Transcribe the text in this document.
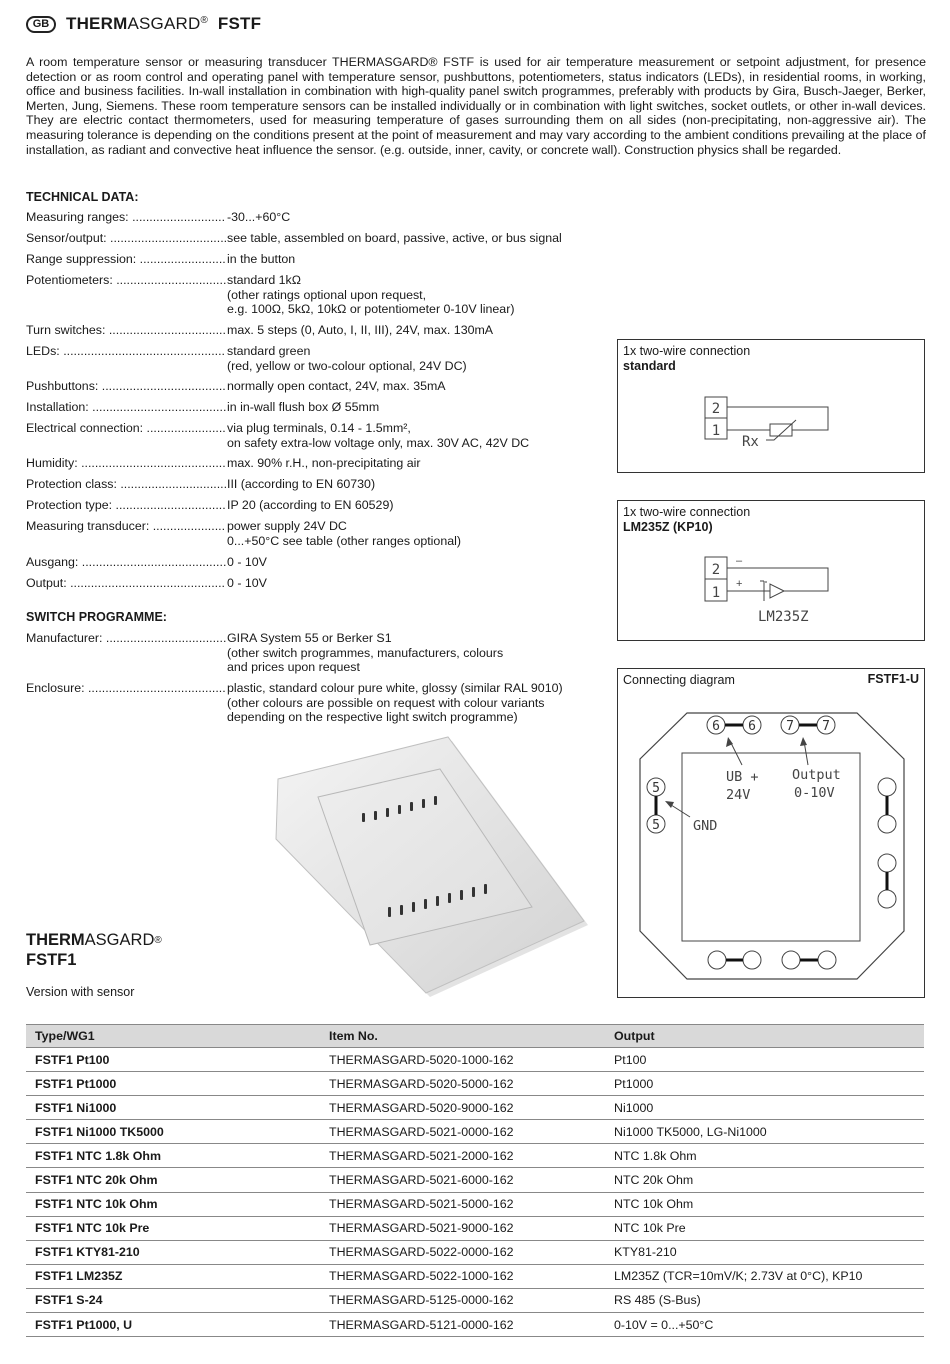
GB THERMASGARD® FSTF
A room temperature sensor or measuring transducer THERMASGARD® FSTF is used for air temperature measurement or setpoint adjustment, for presence detection or as room control and operating panel with temperature sensor, pushbuttons, potentiometers, status indicators (LEDs), in residential rooms, in working, office and business facilities. In-wall installation in combination with high-quality panel switch programmes, preferably with products by Gira, Busch-Jaeger, Berker, Merten, Jung, Siemens. These room temperature sensors can be installed individually or in combination with light switches, socket outlets, or other in-wall devices. They are electric contact thermometers, used for measuring temperature of gases surrounding them on all sides (non-precipitating, non-aggressive air). The measuring tolerance is depending on the conditions present at the point of measurement and may vary according to the ambient conditions prevailing at the place of installation, as radiant and convective heat influence the sensor. (e.g. outside, inner, cavity, or concrete wall). Construction physics shall be regarded.
TECHNICAL DATA:
Measuring ranges: .....	-30...+60°C
Sensor/output: .....	see table, assembled on board, passive, active, or bus signal
Range suppression: .....	in the button
Potentiometers: .....	standard 1kΩ
(other ratings optional upon request,
e.g. 100Ω, 5kΩ, 10kΩ or potentiometer 0-10V linear)
Turn switches: .....	max. 5 steps (0, Auto, I, II, III), 24V, max. 130mA
LEDs: .....	standard green
(red, yellow or two-colour optional, 24V DC)
Pushbuttons: .....	normally open contact, 24V, max. 35mA
Installation: .....	in in-wall flush box Ø 55mm
Electrical connection: .....	via plug terminals, 0.14 - 1.5mm²,
on safety extra-low voltage only, max. 30V AC, 42V DC
Humidity: .....	max. 90% r.H., non-precipitating air
Protection class: .....	III (according to EN 60730)
Protection type: .....	IP 20 (according to EN 60529)
Measuring transducer: .....	power supply 24V DC
0...+50°C see table (other ranges optional)
Ausgang: .....	0 - 10V
Output: .....	0 - 10V
SWITCH PROGRAMME:
Manufacturer: .....	GIRA System 55 or Berker S1
(other switch programmes, manufacturers, colours
and prices upon request
Enclosure: .....	plastic, standard colour pure white, glossy (similar RAL 9010)
(other colours are possible on request with colour variants
depending on the respective light switch programme)
1x two-wire connection
standard
2
1
Rx
1x two-wire connection
LM235Z (KP10)
2
1
–
+
LM235Z
Connecting diagram	FSTF1-U
6 6 7 7
5
5
UB +
24V
Output
0-10V
GND
THERMASGARD®
FSTF1
Version with sensor
Type/WG1	Item No.	Output
FSTF1 Pt100	THERMASGARD-5020-1000-162	Pt100
FSTF1 Pt1000	THERMASGARD-5020-5000-162	Pt1000
FSTF1 Ni1000	THERMASGARD-5020-9000-162	Ni1000
FSTF1 Ni1000 TK5000	THERMASGARD-5021-0000-162	Ni1000 TK5000, LG-Ni1000
FSTF1 NTC 1.8k Ohm	THERMASGARD-5021-2000-162	NTC 1.8k Ohm
FSTF1 NTC 20k Ohm	THERMASGARD-5021-6000-162	NTC 20k Ohm
FSTF1 NTC 10k Ohm	THERMASGARD-5021-5000-162	NTC 10k Ohm
FSTF1 NTC 10k Pre	THERMASGARD-5021-9000-162	NTC 10k Pre
FSTF1 KTY81-210	THERMASGARD-5022-0000-162	KTY81-210
FSTF1 LM235Z	THERMASGARD-5022-1000-162	LM235Z (TCR=10mV/K; 2.73V at 0°C), KP10
FSTF1 S-24	THERMASGARD-5125-0000-162	RS 485 (S-Bus)
FSTF1 Pt1000, U	THERMASGARD-5121-0000-162	0-10V = 0...+50°C
